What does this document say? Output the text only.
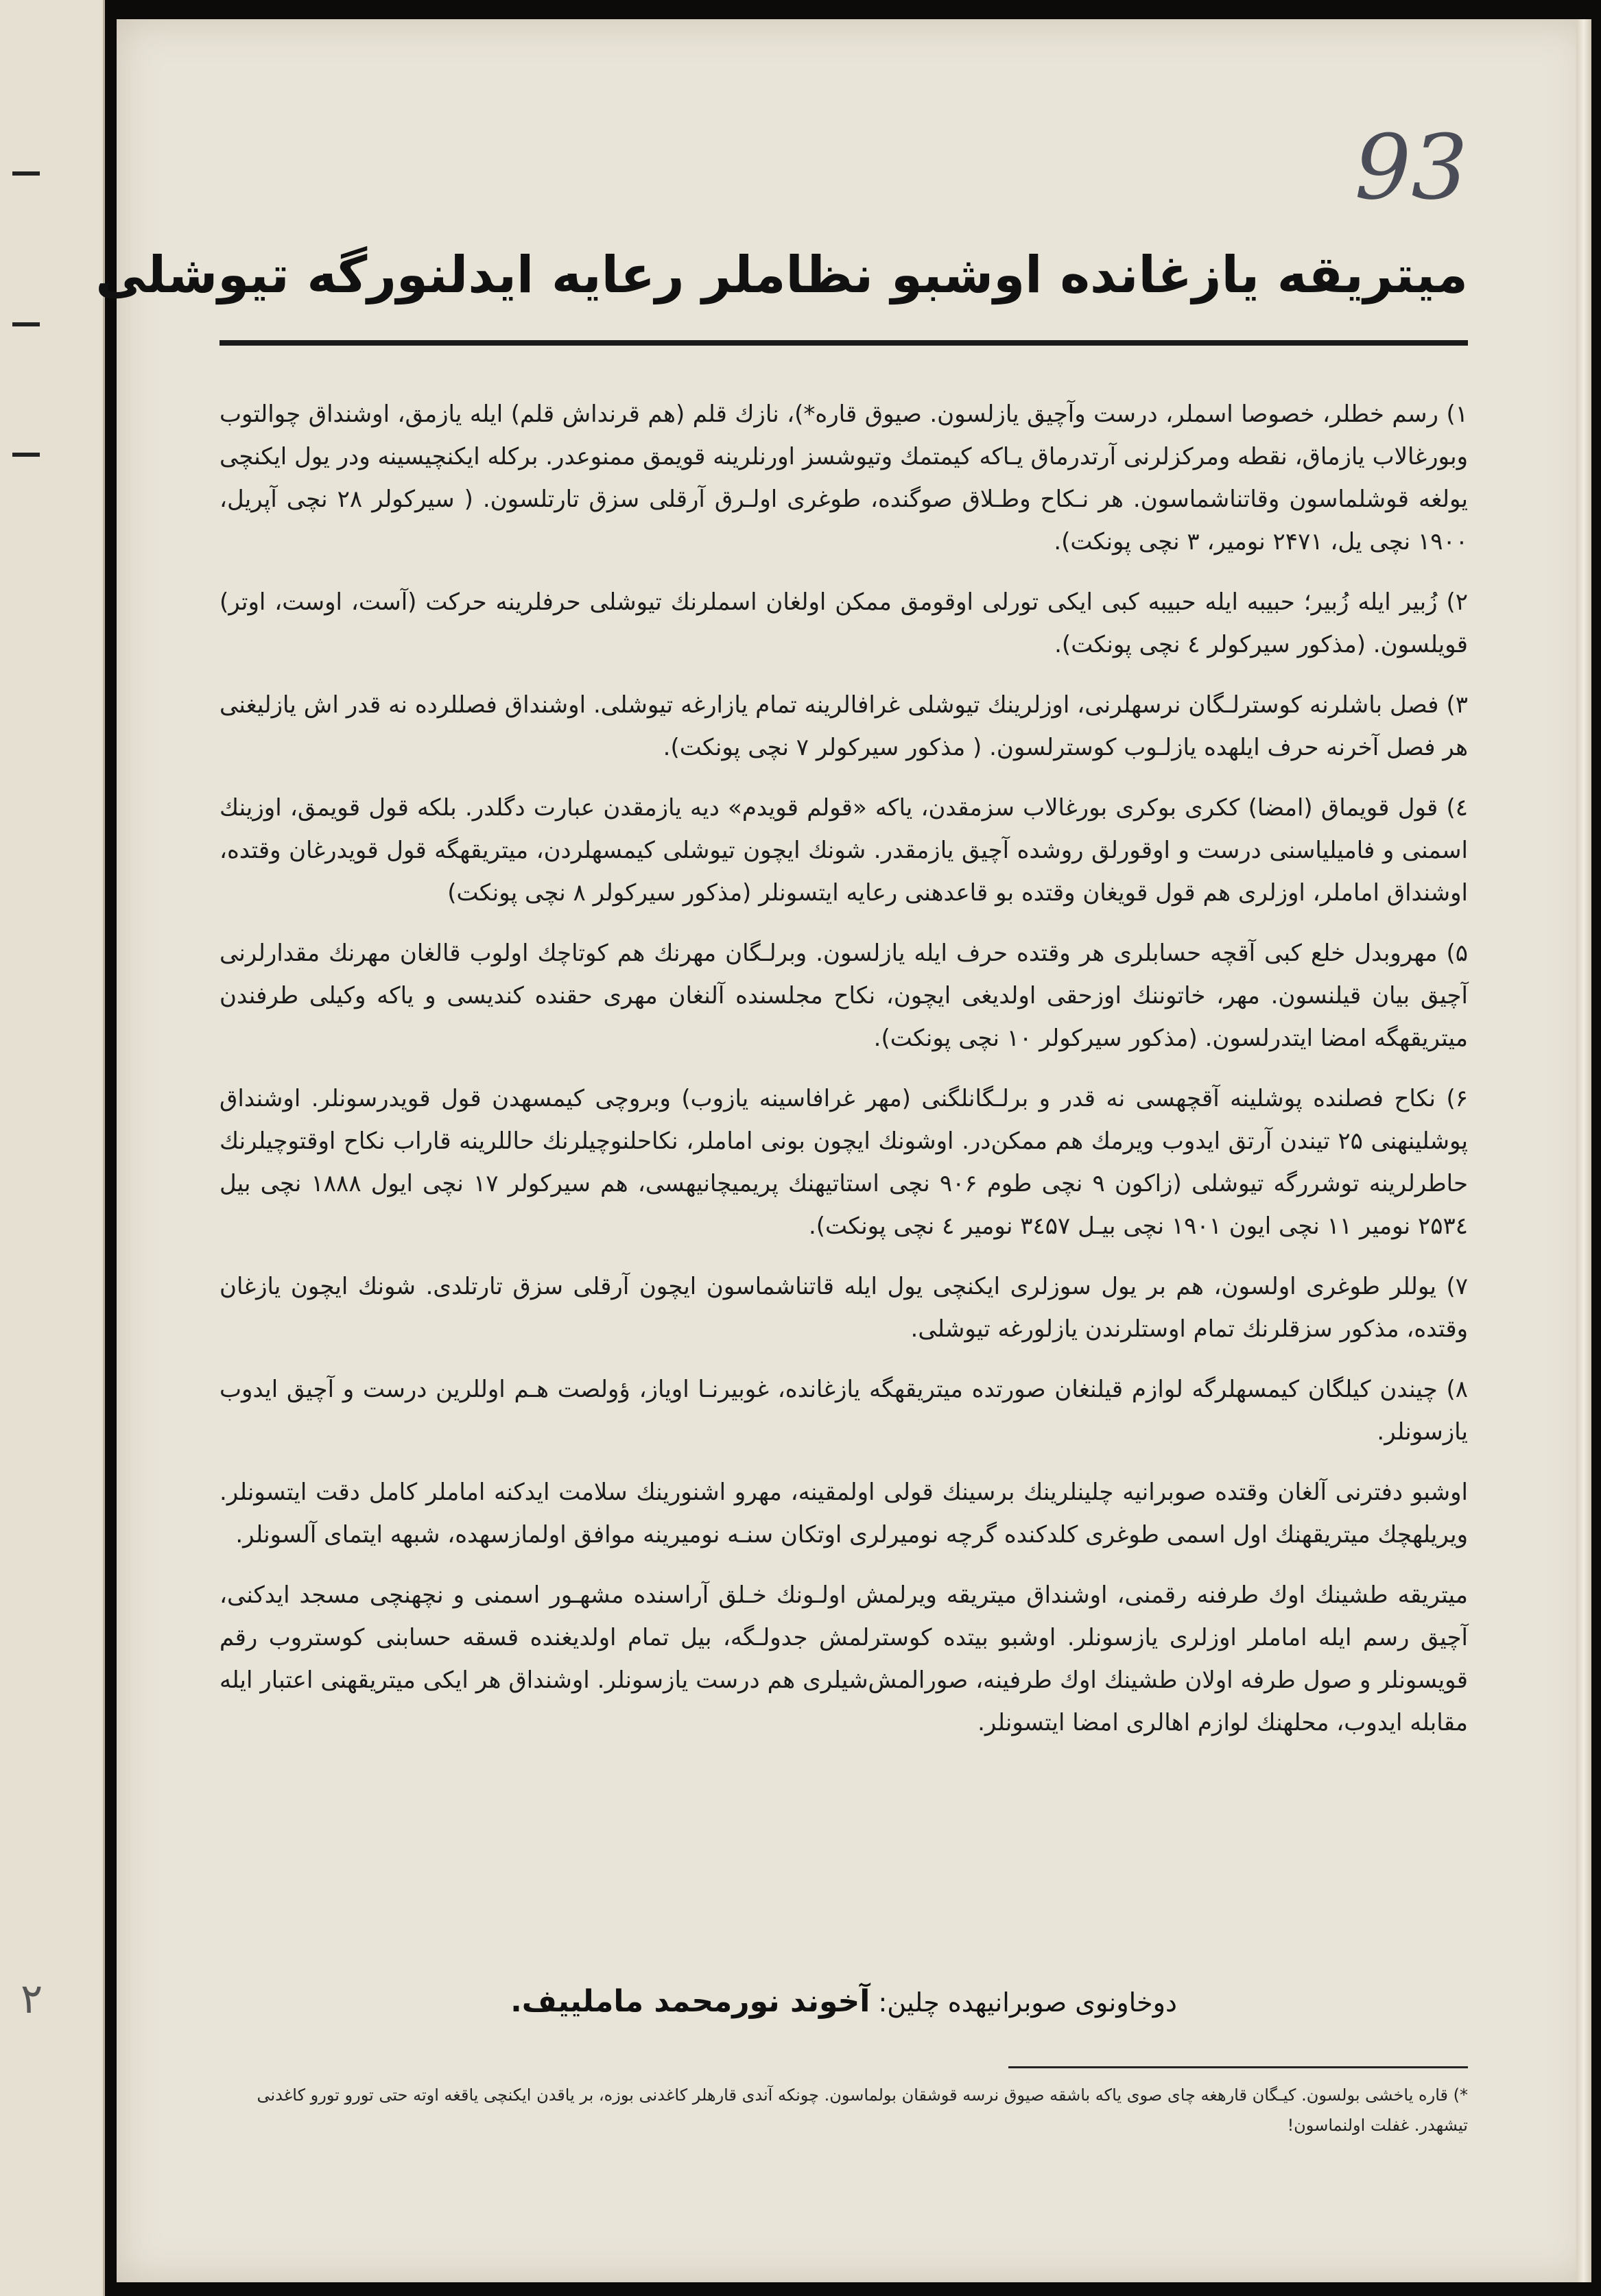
۲
93
میتریقه یازغانده اوشبو نظاملر رعایه ایدلنورگه تیوشلی

۱) رسم خطلر، خصوصا اسملر، درست وآچیق یازلسون. صیوق قاره*)، نازك قلم (هم قرنداش قلم) ایله یازمق، اوشنداق چوالتوب وبورغالاب یازماق، نقطه ومرکزلرنی آرتدرماق یـاکه کیمتمك وتیوشسز اورنلرینه قویمق ممنوعدر. برکله ایکنچیسینه ودر یول ایکنچی یولغه قوشلماسون وقاتناشماسون. هر نـکاح وطـلاق صوگنده، طوغری اولـرق آرقلی سزق تارتلسون. ( سیرکولر ۲۸ نچی آپریل، ۱۹۰۰ نچی یل، ۲۴۷۱ نومیر، ۳ نچی پونکت).

۲) زُبیر ایله زُبیر؛ حبیبه ایله حبیبه کبی ایکی تورلی اوقومق ممکن اولغان اسملرنك تیوشلی حرفلرینه حرکت (آست، اوست، اوتر) قویلسون. (مذکور سیرکولر ٤ نچی پونکت).

۳) فصل باشلرنه کوسترلـگان نرسهلرنی، اوزلرینك تیوشلی غرافالرینه تمام یازارغه تیوشلی. اوشنداق فصللرده نه قدر اش یازلیغنی هر فصل آخرنه حرف ایلهده یازلـوب کوسترلسون. ( مذکور سیرکولر ۷ نچی پونکت).

٤) قول قویماق (امضا) ککری بوکری بورغالاب سزمقدن، یاکه «قولم قویدم» دیه یازمقدن عبارت دگلدر. بلکه قول قویمق، اوزینك اسمنی و فامیلیاسنی درست و اوقورلق روشده آچیق یازمقدر. شونك ایچون تیوشلی کیمسهلردن، میتریقهگه قول قویدرغان وقتده، اوشنداق اماملر، اوزلری هم قول قویغان وقتده بو قاعدهنی رعایه ایتسونلر (مذکور سیرکولر ۸ نچی پونکت)

۵) مهروبدل خلع کبی آقچه حسابلری هر وقتده حرف ایله یازلسون. وبرلـگان مهرنك هم کوتاچك اولوب قالغان مهرنك مقدارلرنی آچیق بیان قیلنسون. مهر، خاتوننك اوزحقی اولدیغی ایچون، نکاح مجلسنده آلنغان مهری حقنده کندیسی و یاکه وکیلی طرفندن میتریقهگه امضا ایتدرلسون. (مذکور سیرکولر ۱۰ نچی پونکت).

۶) نکاح فصلنده پوشلینه آقچهسی نه قدر و برلـگانلگنی (مهر غرافاسینه یازوب) وبروچی کیمسهدن قول قویدرسونلر. اوشنداق پوشلینهنی ۲۵ تیندن آرتق ایدوب ویرمك هم ممکن‌در. اوشونك ایچون بونی اماملر، نکاحلنوچیلرنك حاللرینه قاراب نکاح اوقتوچیلرنك حاطرلرینه توشررگه تیوشلی (زاکون ۹ نچی طوم ۹۰۶ نچی استاتیهنك پریمیچانیهسی، هم سیرکولر ۱۷ نچی ایول ۱۸۸۸ نچی بیل ۲۵۳٤ نومیر ۱۱ نچی ایون ۱۹۰۱ نچی بیـل ۳٤۵۷ نومیر ٤ نچی پونکت).

۷) یوللر طوغری اولسون، هم بر یول سوزلری ایکنچی یول ایله قاتناشماسون ایچون آرقلی سزق تارتلدی. شونك ایچون یازغان وقتده، مذکور سزقلرنك تمام اوستلرندن یازلورغه تیوشلی.

۸) چیندن کیلگان کیمسهلرگه لوازم قیلنغان صورتده میتریقهگه یازغانده، غوبیرنـا اویاز، ؤولصت هـم اوللرین درست و آچیق ایدوب یازسونلر.

اوشبو دفترنی آلغان وقتده صوبرانیه چلینلرینك برسینك قولی اولمقینه، مهرو اشنورینك سلامت ایدکنه اماملر کامل دقت ایتسونلر. ویریلهچك میتریقهنك اول اسمی طوغری کلدکنده گرچه نومیرلری اوتکان سنـه نومیرینه موافق اولمازسهده، شبهه ایتمای آلسونلر.

میتریقه طشینك اوك طرفنه رقمنی، اوشنداق میتریقه ویرلمش اولـونك خـلق آراسنده مشهـور اسمنی و نچهنچی مسجد ایدکنی، آچیق رسم ایله اماملر اوزلری یازسونلر. اوشبو بیتده کوسترلمش جدولـگه، بیل تمام اولدیغنده قسقه حسابنی کوستروب رقم قویسونلر و صول طرفه اولان طشینك اوك طرفینه، صورالمش‌شیلری هم درست یازسونلر. اوشنداق هر ایکی میتریقهنی اعتبار ایله مقابله ایدوب، محلهنك لوازم اهالری امضا ایتسونلر.

دوخاونوی صوبرانیهده چلین: آخوند نورمحمد ماملییف.
*) قاره یاخشی بولسون. کیـگان قارهغه چای صوی یاکه باشقه صیوق نرسه قوشقان بولماسون. چونکه آندی قارهلر کاغدنی بوزه، بر یاقدن ایکنچی یاقغه اوته حتی تورو تورو کاغدنی تیشهدر. غفلت اولنماسون!
